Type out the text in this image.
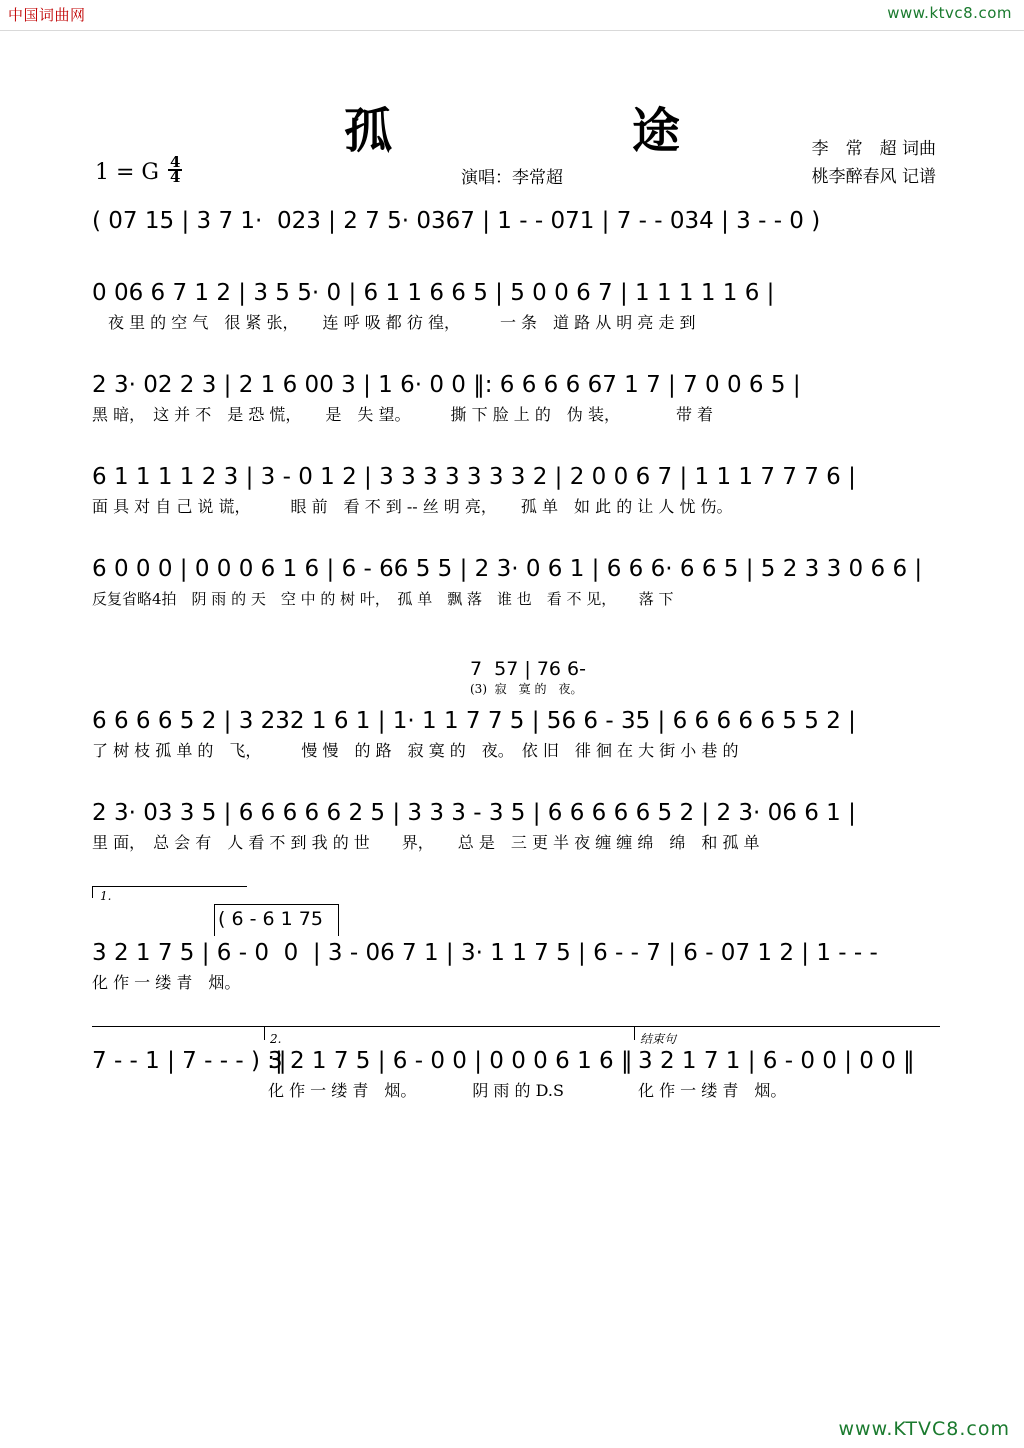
中国词曲网	www.ktvc8.com
孤　　途
演唱：李常超
李　常　超 词曲
桃李醉春风 记谱
1 = G $\frac{4}{4}$
( 07 15 | 3 7 1·  023 | 2 7 5· 0367 | 1 - - 071 | 7 - - 034 | 3 - - 0 )
0 06 6 7 1 2 | 3 5 5· 0 | 6 1 1 6 6 5 | 5 0 0 6 7 | 1 1 1 1 1 6 |
　夜 里 的 空 气　很 紧 张，　　连 呼 吸 都 彷 徨，　　　一 条　道 路 从 明 亮 走 到
2 3· 02 2 3 | 2 1 6 00 3 | 1 6· 0 0 ‖: 6 6 6 6 67 1 7 | 7 0 0 6 5 |
黑 暗，　这 并 不　是 恐 慌，　　是　失 望。　　　撕 下 脸 上 的　伪 装，　　　　带 着
6 1 1 1 1 2 3 | 3 - 0 1 2 | 3 3 3 3 3 3 3 2 | 2 0 0 6 7 | 1 1 1 7 7 7 6 |
面 具 对 自 己 说 谎，　　　眼 前　看 不 到 -- 丝 明 亮，　　孤 单　如 此 的 让 人 忧 伤。
6 0 0 0 | 0 0 0 6 1 6 | 6 - 66 5 5 | 2 3· 0 6 1 | 6 6 6· 6 6 5 | 5 2 3 3 0 6 6 |
反复省略4拍　阴 雨 的 天　空 中 的 树 叶，　孤 单　飘 落　谁 也　看 不 见，　　落 下
7  57 | 76 6-
(3)  寂　寞 的　夜。
6 6 6 6 5 2 | 3 232 1 6 1 | 1· 1 1 7 7 5 | 56 6 - 35 | 6 6 6 6 6 5 5 2 |
了 树 枝 孤 单 的　飞，　　　慢 慢　的 路　寂 寞 的　夜。　依 旧　徘 徊 在 大 街 小 巷 的
2 3· 03 3 5 | 6 6 6 6 6 2 5 | 3 3 3 - 3 5 | 6 6 6 6 6 5 2 | 2 3· 06 6 1 |
里 面，　总 会 有　人 看 不 到 我 的 世　　界，　　总 是　三 更 半 夜 缠 缠 绵　绵　和 孤 单
1.
( 6 - 6 1 75
3 2 1 7 5 | 6 - 0  0  | 3 - 06 7 1 | 3· 1 1 7 5 | 6 - - 7 | 6 - 07 1 2 | 1 - - -
化 作 一 缕 青　烟。
2.	结束句
7 - - 1 | 7 - - - ) :‖
3 2 1 7 5 | 6 - 0 0 | 0 0 0 6 1 6 ‖
化 作 一 缕 青　烟。　　　　阴 雨 的 D.S
3 2 1 7 1 | 6 - 0 0 | 0 0 ‖
化 作 一 缕 青　烟。
www.KTVC8.com
